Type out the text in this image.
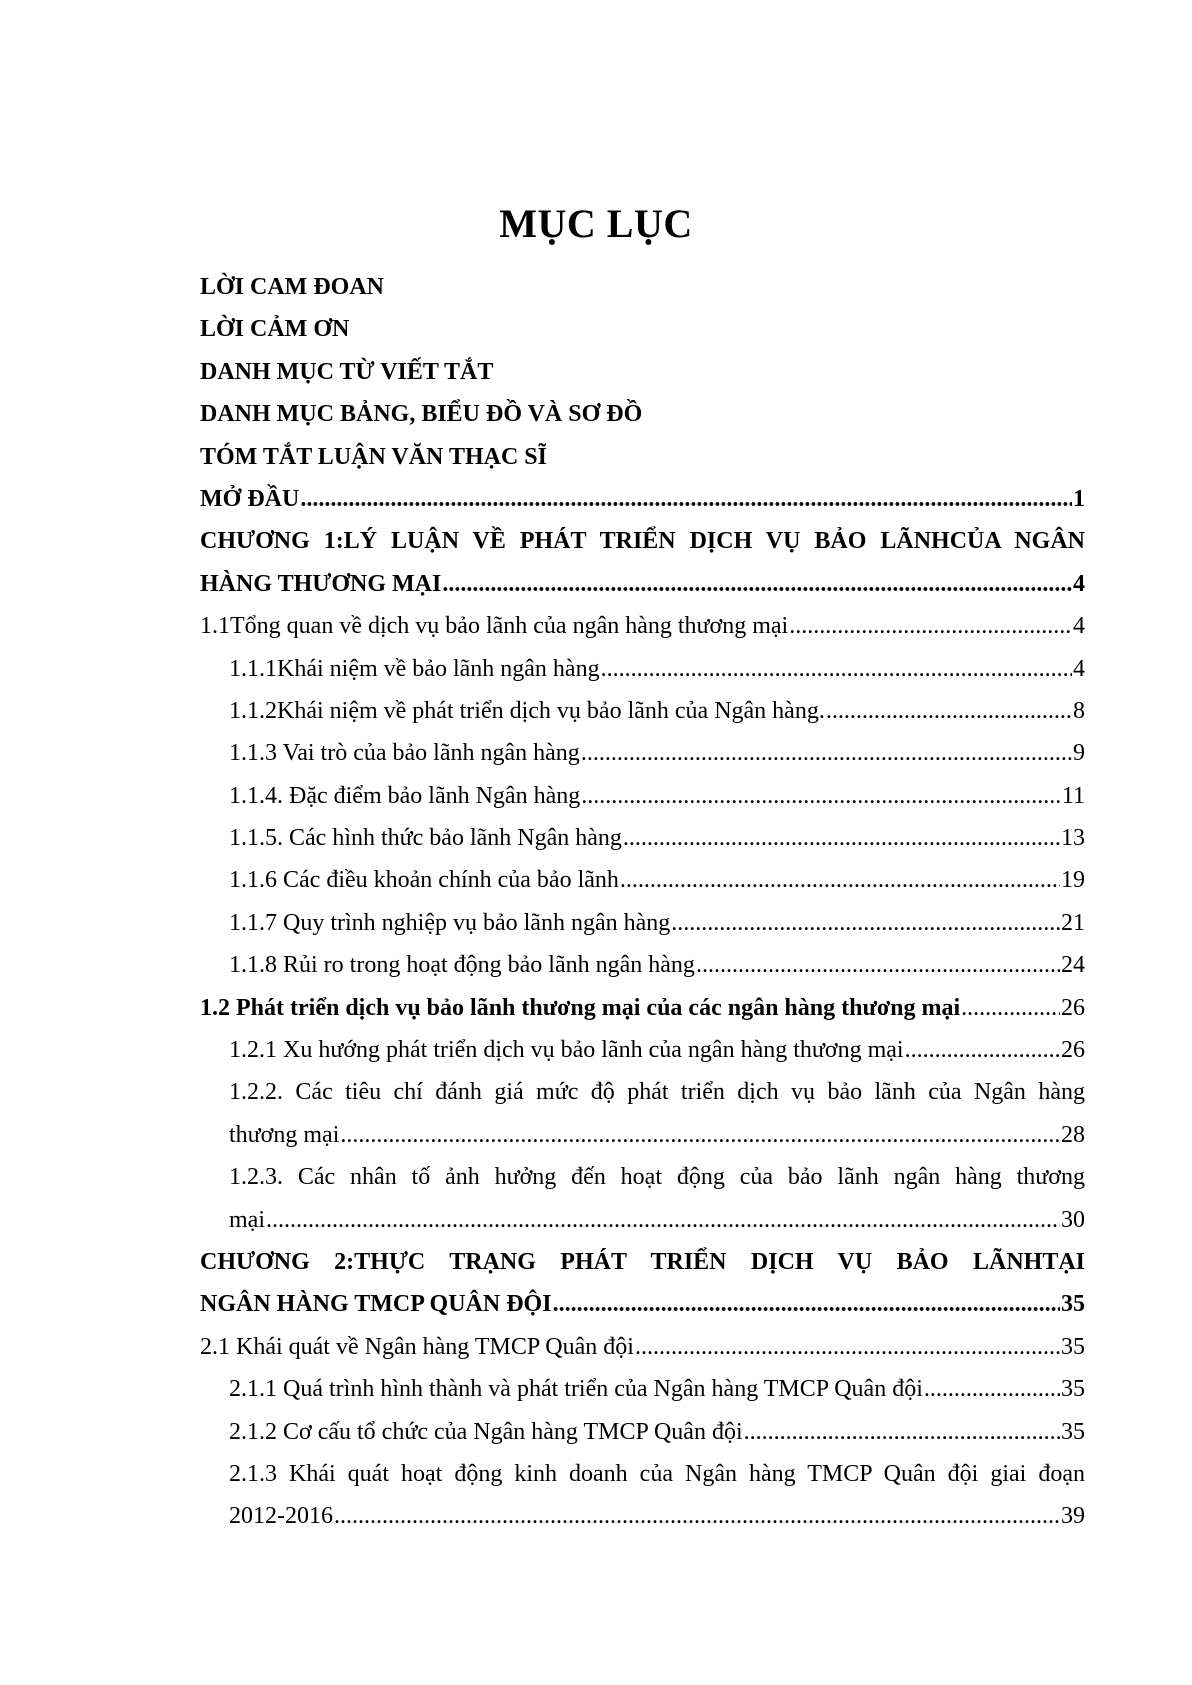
MỤC LỤC
LỜI CAM ĐOAN
LỜI CẢM ƠN
DANH MỤC TỪ VIẾT TẮT
DANH MỤC BẢNG, BIỂU ĐỒ VÀ SƠ ĐỒ
TÓM TẮT LUẬN VĂN THẠC SĨ
MỞ ĐẦU .....	1
CHƯƠNG 1:LÝ LUẬN VỀ PHÁT TRIỂN DỊCH VỤ BẢO LÃNHCỦA NGÂN
HÀNG THƯƠNG MẠI .....	4
1.1Tổng quan về dịch vụ bảo lãnh của ngân hàng thương mại .....	4
1.1.1Khái niệm về bảo lãnh ngân hàng .....	4
1.1.2Khái niệm về phát triển dịch vụ bảo lãnh của Ngân hàng. .....	8
1.1.3 Vai trò của bảo lãnh ngân hàng .....	9
1.1.4. Đặc điểm bảo lãnh Ngân hàng .....	11
1.1.5. Các hình thức bảo lãnh Ngân hàng .....	13
1.1.6 Các điều khoản chính của bảo lãnh .....	19
1.1.7 Quy trình nghiệp vụ bảo lãnh ngân hàng .....	21
1.1.8 Rủi ro trong hoạt động bảo lãnh ngân hàng .....	24
1.2 Phát triển dịch vụ bảo lãnh thương mại của các ngân hàng thương mại .....	26
1.2.1 Xu hướng phát triển dịch vụ bảo lãnh của ngân hàng thương mại .....	26
1.2.2. Các tiêu chí đánh giá mức độ phát triển dịch vụ bảo lãnh của Ngân hàng
thương mại .....	28
1.2.3. Các nhân tố ảnh hưởng đến hoạt động của bảo lãnh ngân hàng thương
mại .....	30
CHƯƠNG 2:THỰC TRẠNG PHÁT TRIỂN DỊCH VỤ BẢO LÃNHTẠI
NGÂN HÀNG TMCP QUÂN ĐỘI .....	35
2.1 Khái quát về Ngân hàng TMCP Quân đội .....	35
2.1.1 Quá trình hình thành và phát triển của Ngân hàng TMCP Quân đội .....	35
2.1.2 Cơ cấu tổ chức của Ngân hàng TMCP Quân đội .....	35
2.1.3 Khái quát hoạt động kinh doanh của Ngân hàng TMCP Quân đội giai đoạn
2012-2016 .....	39
